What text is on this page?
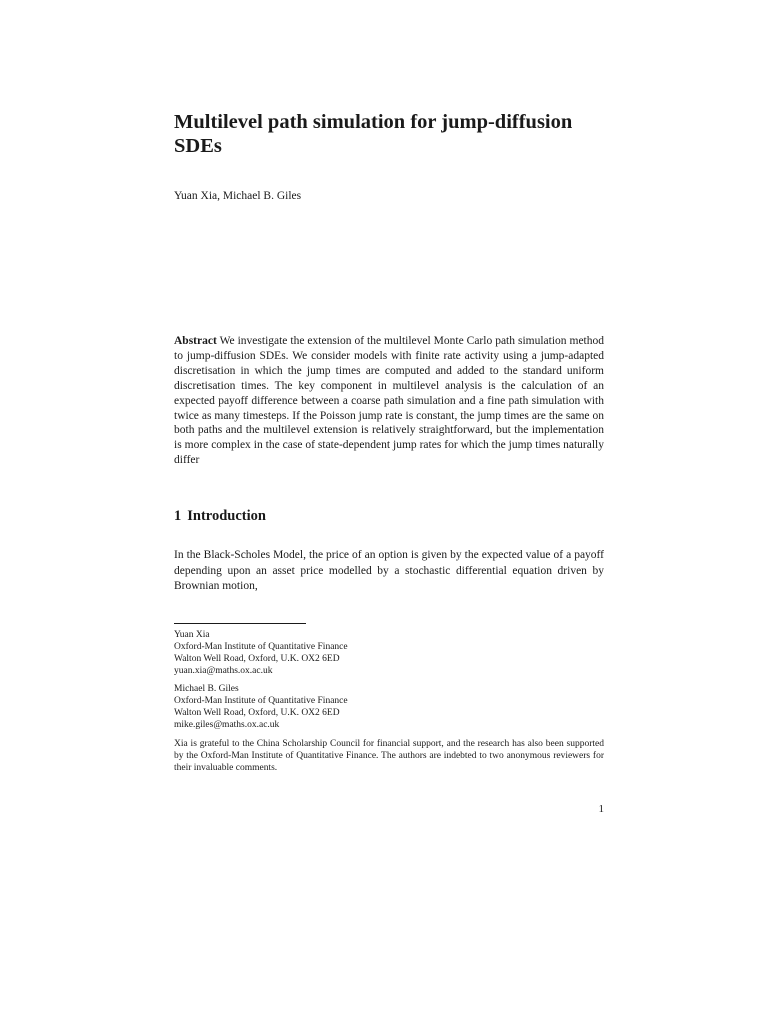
Multilevel path simulation for jump-diffusion SDEs
Yuan Xia, Michael B. Giles

Abstract We investigate the extension of the multilevel Monte Carlo path simulation method to jump-diffusion SDEs. We consider models with finite rate activity using a jump-adapted discretisation in which the jump times are computed and added to the standard uniform discretisation times. The key component in multilevel analysis is the calculation of an expected payoff difference between a coarse path simulation and a fine path simulation with twice as many timesteps. If the Poisson jump rate is constant, the jump times are the same on both paths and the multilevel extension is relatively straightforward, but the implementation is more complex in the case of state-dependent jump rates for which the jump times naturally differ

1 Introduction

In the Black-Scholes Model, the price of an option is given by the expected value of a payoff depending upon an asset price modelled by a stochastic differential equation driven by Brownian motion,

Yuan Xia
Oxford-Man Institute of Quantitative Finance
Walton Well Road, Oxford, U.K. OX2 6ED
yuan.xia@maths.ox.ac.uk
Michael B. Giles
Oxford-Man Institute of Quantitative Finance
Walton Well Road, Oxford, U.K. OX2 6ED
mike.giles@maths.ox.ac.uk

Xia is grateful to the China Scholarship Council for financial support, and the research has also been supported by the Oxford-Man Institute of Quantitative Finance. The authors are indebted to two anonymous reviewers for their invaluable comments.

1
